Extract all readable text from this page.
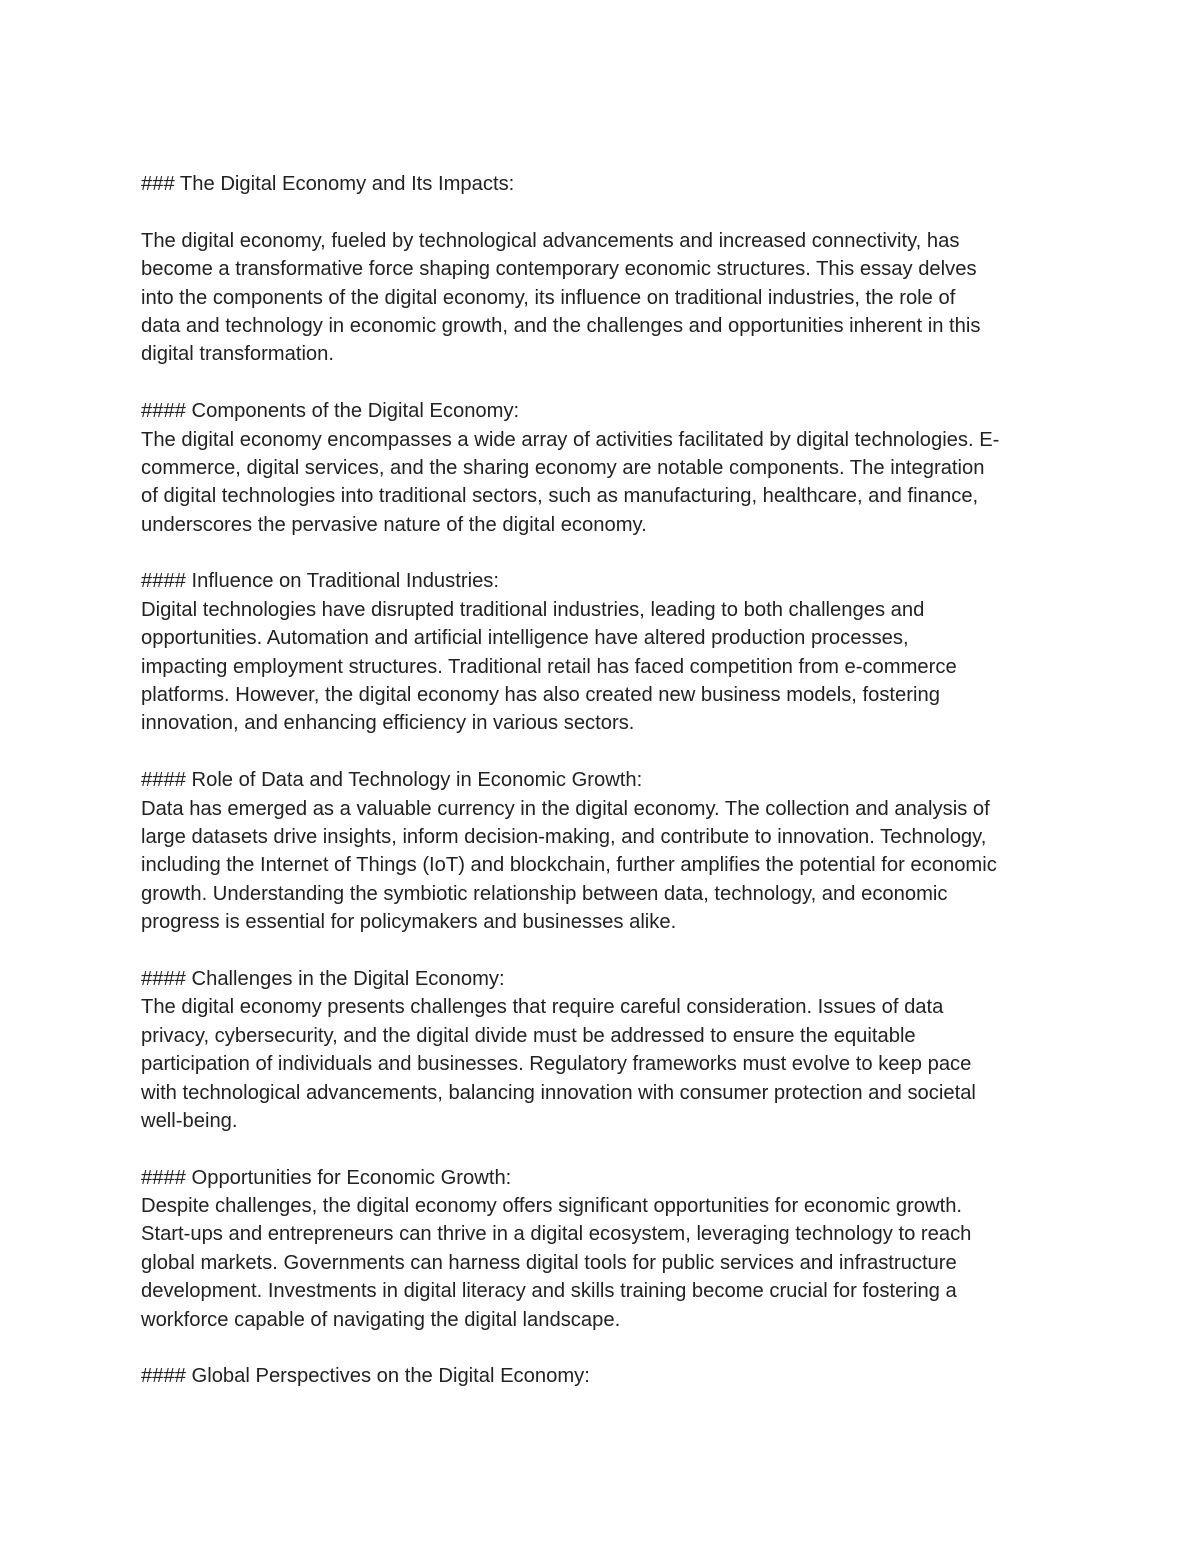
### The Digital Economy and Its Impacts:

The digital economy, fueled by technological advancements and increased connectivity, has

become a transformative force shaping contemporary economic structures. This essay delves

into the components of the digital economy, its influence on traditional industries, the role of

data and technology in economic growth, and the challenges and opportunities inherent in this

digital transformation.

#### Components of the Digital Economy:

The digital economy encompasses a wide array of activities facilitated by digital technologies. E-

commerce, digital services, and the sharing economy are notable components. The integration

of digital technologies into traditional sectors, such as manufacturing, healthcare, and finance,

underscores the pervasive nature of the digital economy.

#### Influence on Traditional Industries:

Digital technologies have disrupted traditional industries, leading to both challenges and

opportunities. Automation and artificial intelligence have altered production processes,

impacting employment structures. Traditional retail has faced competition from e-commerce

platforms. However, the digital economy has also created new business models, fostering

innovation, and enhancing efficiency in various sectors.

#### Role of Data and Technology in Economic Growth:

Data has emerged as a valuable currency in the digital economy. The collection and analysis of

large datasets drive insights, inform decision-making, and contribute to innovation. Technology,

including the Internet of Things (IoT) and blockchain, further amplifies the potential for economic

growth. Understanding the symbiotic relationship between data, technology, and economic

progress is essential for policymakers and businesses alike.

#### Challenges in the Digital Economy:

The digital economy presents challenges that require careful consideration. Issues of data

privacy, cybersecurity, and the digital divide must be addressed to ensure the equitable

participation of individuals and businesses. Regulatory frameworks must evolve to keep pace

with technological advancements, balancing innovation with consumer protection and societal

well-being.

#### Opportunities for Economic Growth:

Despite challenges, the digital economy offers significant opportunities for economic growth.

Start-ups and entrepreneurs can thrive in a digital ecosystem, leveraging technology to reach

global markets. Governments can harness digital tools for public services and infrastructure

development. Investments in digital literacy and skills training become crucial for fostering a

workforce capable of navigating the digital landscape.

#### Global Perspectives on the Digital Economy:
